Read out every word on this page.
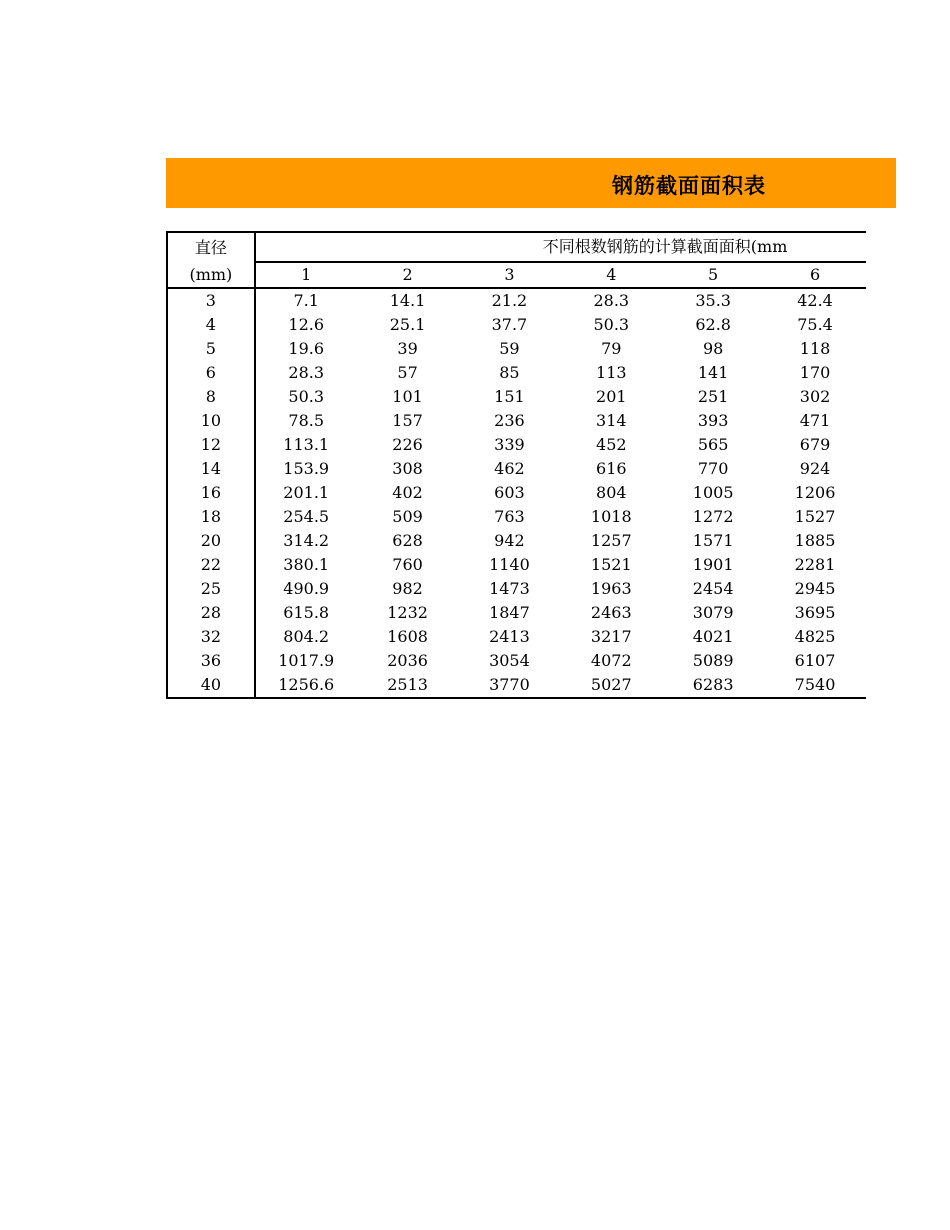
钢筋截面面积表
直径	不同根数钢筋的计算截面面积(mm					
(mm)	1	2	3	4	5	6
3	7.1	14.1	21.2	28.3	35.3	42.4
4	12.6	25.1	37.7	50.3	62.8	75.4
5	19.6	39	59	79	98	118
6	28.3	57	85	113	141	170
8	50.3	101	151	201	251	302
10	78.5	157	236	314	393	471
12	113.1	226	339	452	565	679
14	153.9	308	462	616	770	924
16	201.1	402	603	804	1005	1206
18	254.5	509	763	1018	1272	1527
20	314.2	628	942	1257	1571	1885
22	380.1	760	1140	1521	1901	2281
25	490.9	982	1473	1963	2454	2945
28	615.8	1232	1847	2463	3079	3695
32	804.2	1608	2413	3217	4021	4825
36	1017.9	2036	3054	4072	5089	6107
40	1256.6	2513	3770	5027	6283	7540
